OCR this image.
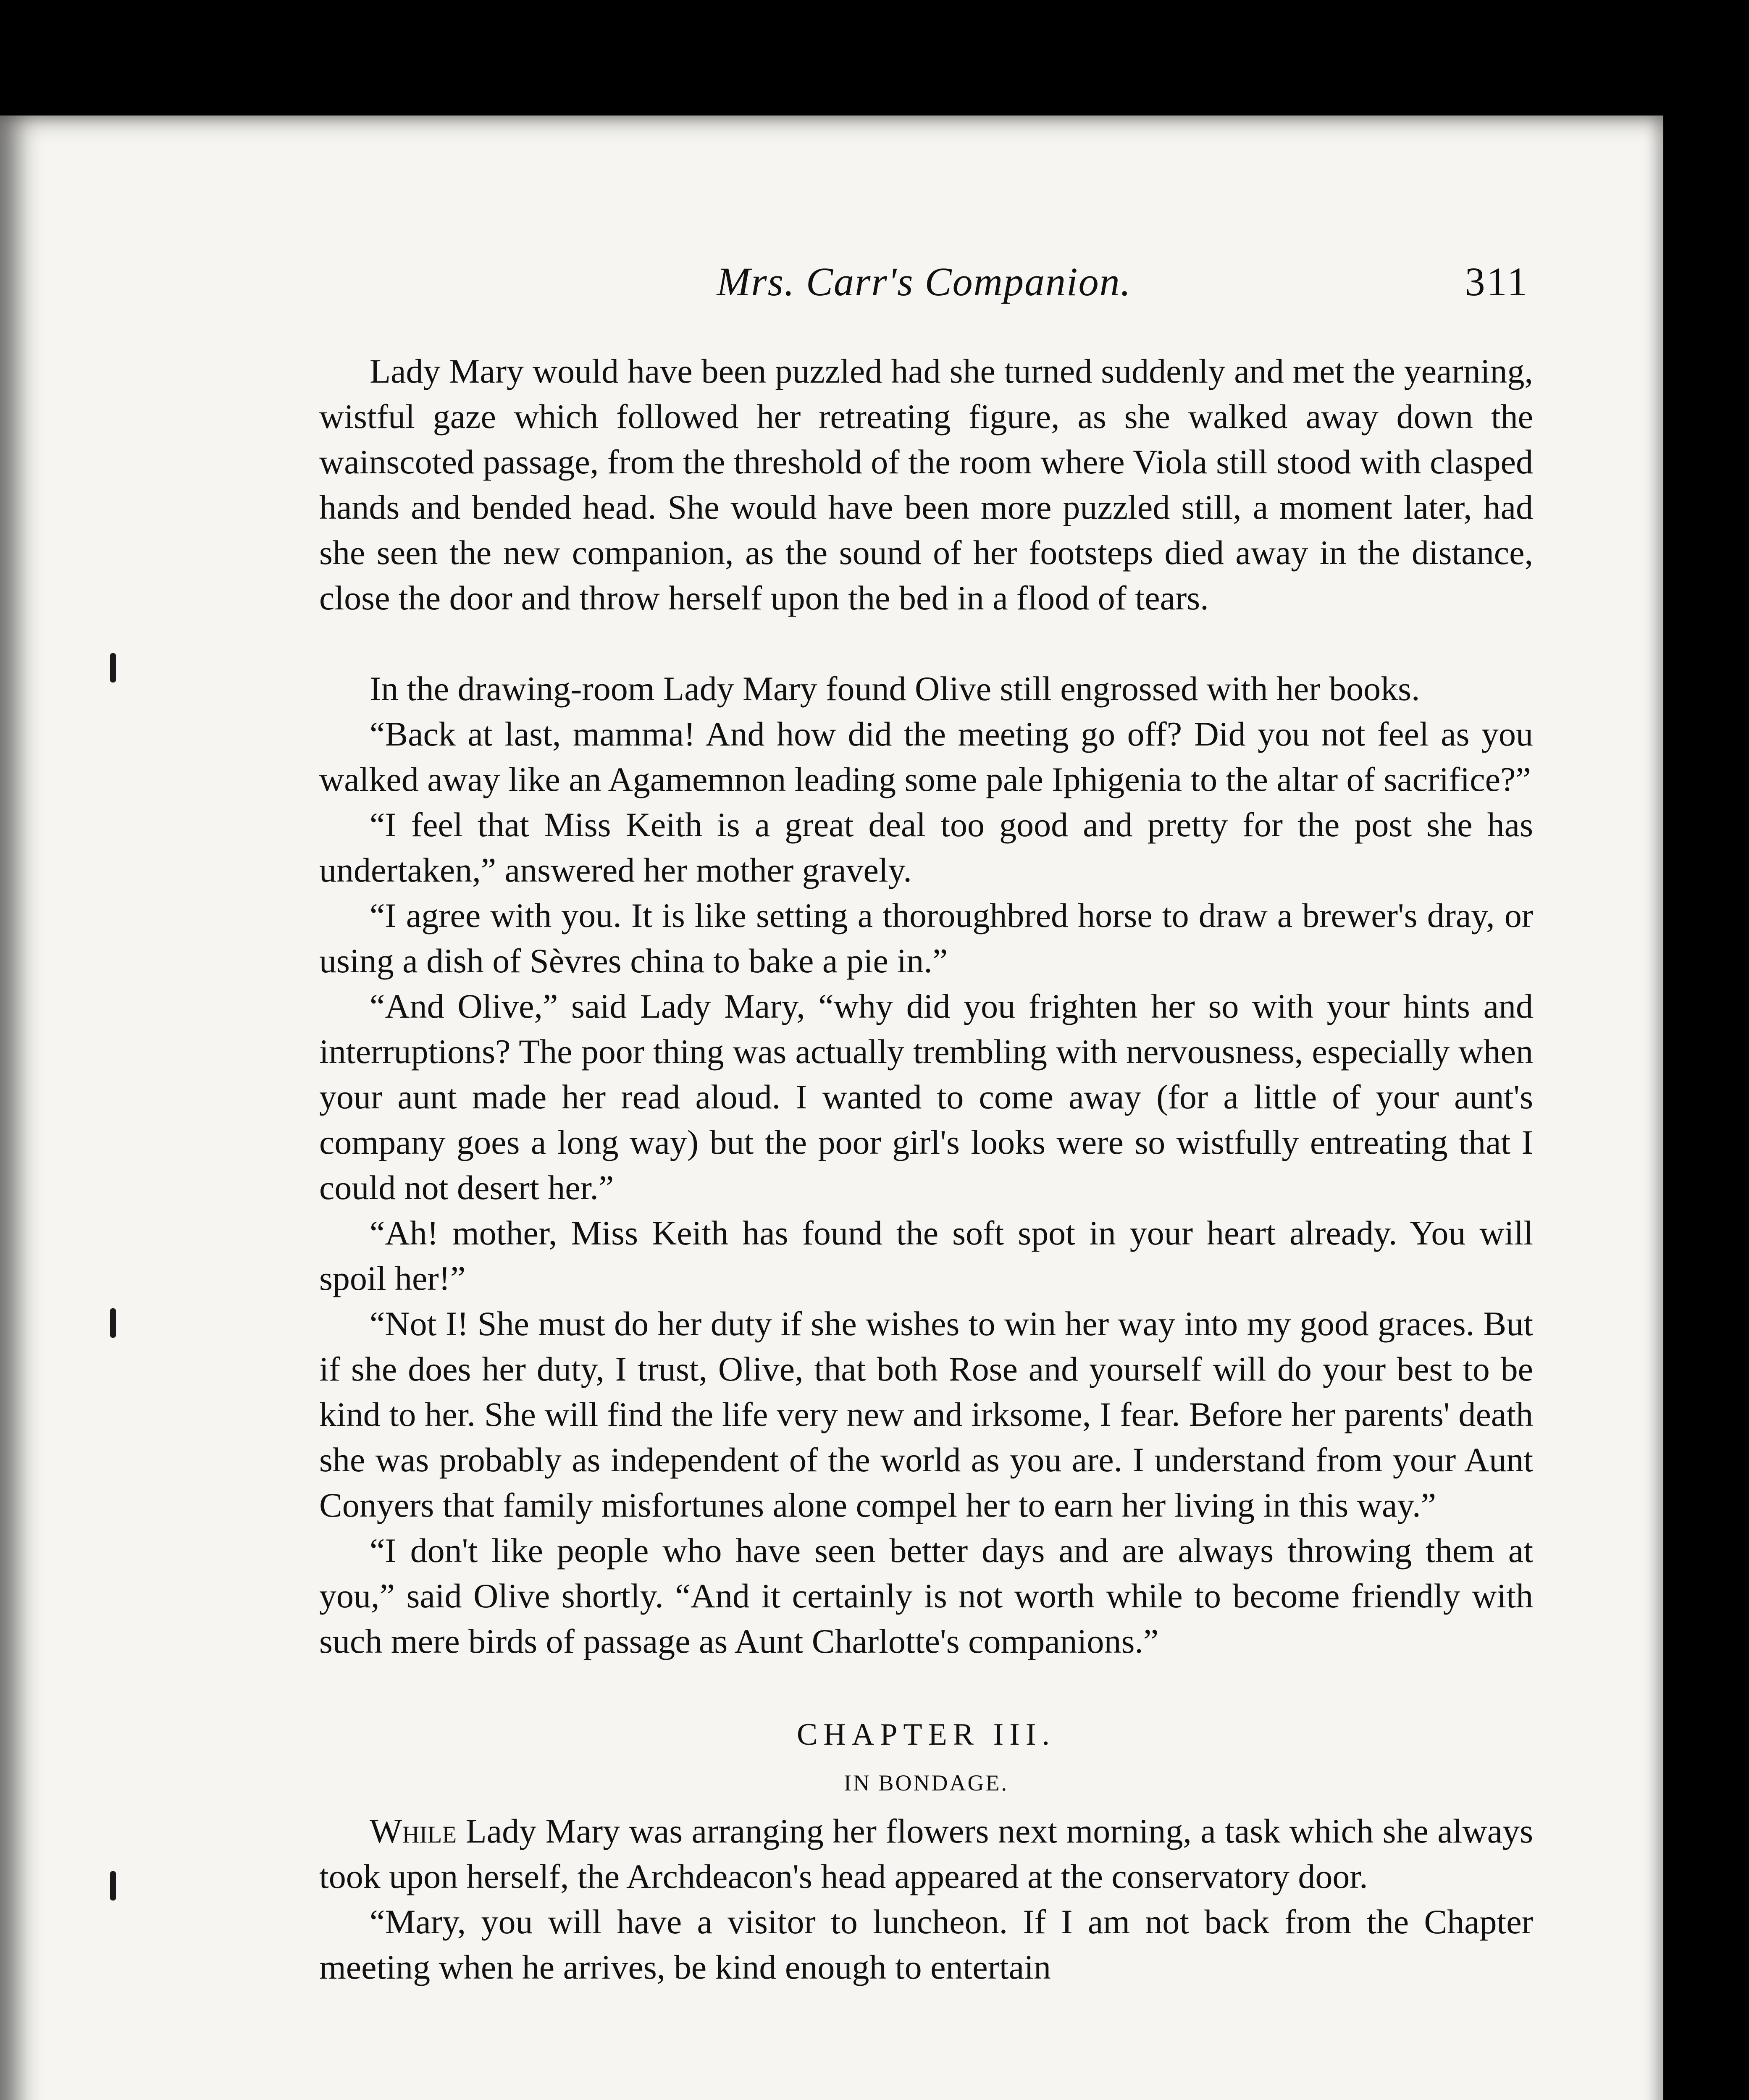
Mrs. Carr's Companion.	311

Lady Mary would have been puzzled had she turned suddenly and met the yearning, wistful gaze which followed her retreating figure, as she walked away down the wainscoted passage, from the threshold of the room where Viola still stood with clasped hands and bended head. She would have been more puzzled still, a moment later, had she seen the new companion, as the sound of her footsteps died away in the distance, close the door and throw herself upon the bed in a flood of tears.

In the drawing-room Lady Mary found Olive still engrossed with her books.

“Back at last, mamma! And how did the meeting go off? Did you not feel as you walked away like an Agamemnon leading some pale Iphigenia to the altar of sacrifice?”

“I feel that Miss Keith is a great deal too good and pretty for the post she has undertaken,” answered her mother gravely.

“I agree with you. It is like setting a thoroughbred horse to draw a brewer's dray, or using a dish of Sèvres china to bake a pie in.”

“And Olive,” said Lady Mary, “why did you frighten her so with your hints and interruptions? The poor thing was actually trembling with nervousness, especially when your aunt made her read aloud. I wanted to come away (for a little of your aunt's company goes a long way) but the poor girl's looks were so wistfully entreating that I could not desert her.”

“Ah! mother, Miss Keith has found the soft spot in your heart already. You will spoil her!”

“Not I! She must do her duty if she wishes to win her way into my good graces. But if she does her duty, I trust, Olive, that both Rose and yourself will do your best to be kind to her. She will find the life very new and irksome, I fear. Before her parents' death she was probably as independent of the world as you are. I understand from your Aunt Conyers that family misfortunes alone compel her to earn her living in this way.”

“I don't like people who have seen better days and are always throwing them at you,” said Olive shortly. “And it certainly is not worth while to become friendly with such mere birds of passage as Aunt Charlotte's companions.”

CHAPTER III.
IN BONDAGE.

While Lady Mary was arranging her flowers next morning, a task which she always took upon herself, the Archdeacon's head appeared at the conservatory door.

“Mary, you will have a visitor to luncheon. If I am not back from the Chapter meeting when he arrives, be kind enough to entertain
